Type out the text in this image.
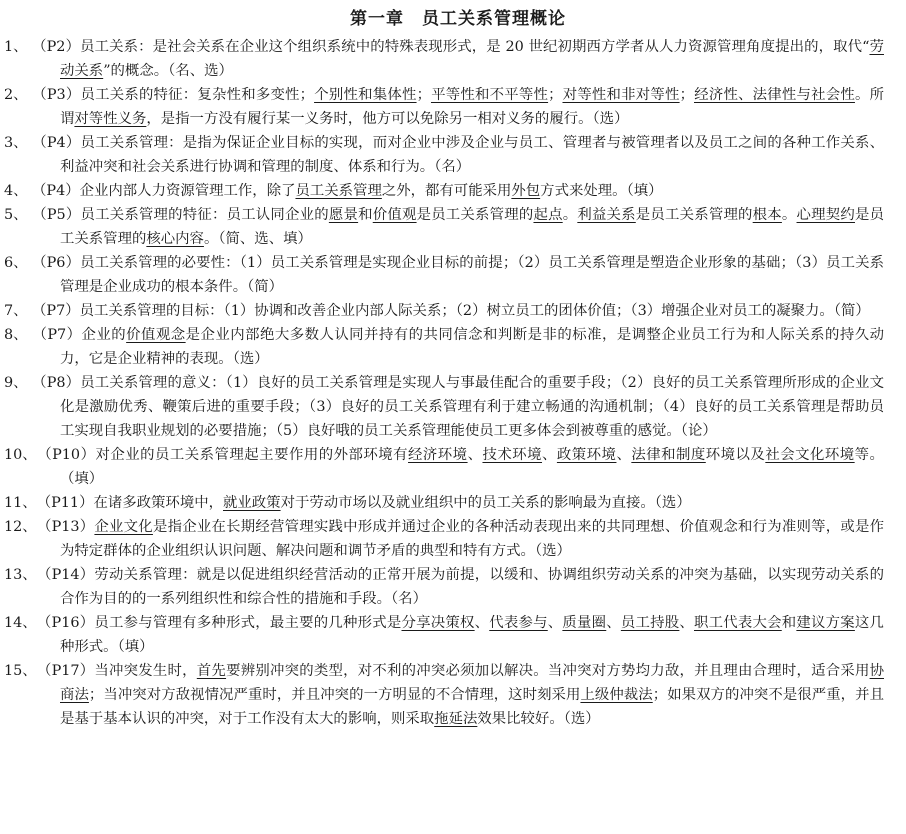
第一章　员工关系管理概论
1、 （P2）员工关系：是社会关系在企业这个组织系统中的特殊表现形式，是 20 世纪初期西方学者从人力资源管理角度提出的，取代“劳动关系”的概念。（名、选）
2、 （P3）员工关系的特征：复杂性和多变性；个别性和集体性；平等性和不平等性；对等性和非对等性；经济性、法律性与社会性。所谓对等性义务，是指一方没有履行某一义务时，他方可以免除另一相对义务的履行。（选）
3、 （P4）员工关系管理：是指为保证企业目标的实现，而对企业中涉及企业与员工、管理者与被管理者以及员工之间的各种工作关系、利益冲突和社会关系进行协调和管理的制度、体系和行为。（名）
4、 （P4）企业内部人力资源管理工作，除了员工关系管理之外，都有可能采用外包方式来处理。（填）
5、 （P5）员工关系管理的特征：员工认同企业的愿景和价值观是员工关系管理的起点。利益关系是员工关系管理的根本。心理契约是员工关系管理的核心内容。（简、选、填）
6、 （P6）员工关系管理的必要性：（1）员工关系管理是实现企业目标的前提；（2）员工关系管理是塑造企业形象的基础；（3）员工关系管理是企业成功的根本条件。（简）
7、 （P7）员工关系管理的目标：（1）协调和改善企业内部人际关系；（2）树立员工的团体价值；（3）增强企业对员工的凝聚力。（简）
8、 （P7）企业的价值观念是企业内部绝大多数人认同并持有的共同信念和判断是非的标准，是调整企业员工行为和人际关系的持久动力，它是企业精神的表现。（选）
9、 （P8）员工关系管理的意义：（1）良好的员工关系管理是实现人与事最佳配合的重要手段；（2）良好的员工关系管理所形成的企业文化是激励优秀、鞭策后进的重要手段；（3）良好的员工关系管理有利于建立畅通的沟通机制；（4）良好的员工关系管理是帮助员工实现自我职业规划的必要措施；（5）良好哦的员工关系管理能使员工更多体会到被尊重的感觉。（论）
10、（P10）对企业的员工关系管理起主要作用的外部环境有经济环境、技术环境、政策环境、法律和制度环境以及社会文化环境等。（填）
11、（P11）在诸多政策环境中，就业政策对于劳动市场以及就业组织中的员工关系的影响最为直接。（选）
12、（P13）企业文化是指企业在长期经营管理实践中形成并通过企业的各种活动表现出来的共同理想、价值观念和行为准则等，或是作为特定群体的企业组织认识问题、解决问题和调节矛盾的典型和特有方式。（选）
13、（P14）劳动关系管理：就是以促进组织经营活动的正常开展为前提，以缓和、协调组织劳动关系的冲突为基础，以实现劳动关系的合作为目的的一系列组织性和综合性的措施和手段。（名）
14、（P16）员工参与管理有多种形式，最主要的几种形式是分享决策权、代表参与、质量圈、员工持股、职工代表大会和建议方案这几种形式。（填）
15、（P17）当冲突发生时，首先要辨别冲突的类型，对不利的冲突必须加以解决。当冲突对方势均力敌，并且理由合理时，适合采用协商法；当冲突对方敌视情况严重时，并且冲突的一方明显的不合情理，这时刻采用上级仲裁法；如果双方的冲突不是很严重，并且是基于基本认识的冲突，对于工作没有太大的影响，则采取拖延法效果比较好。（选）
